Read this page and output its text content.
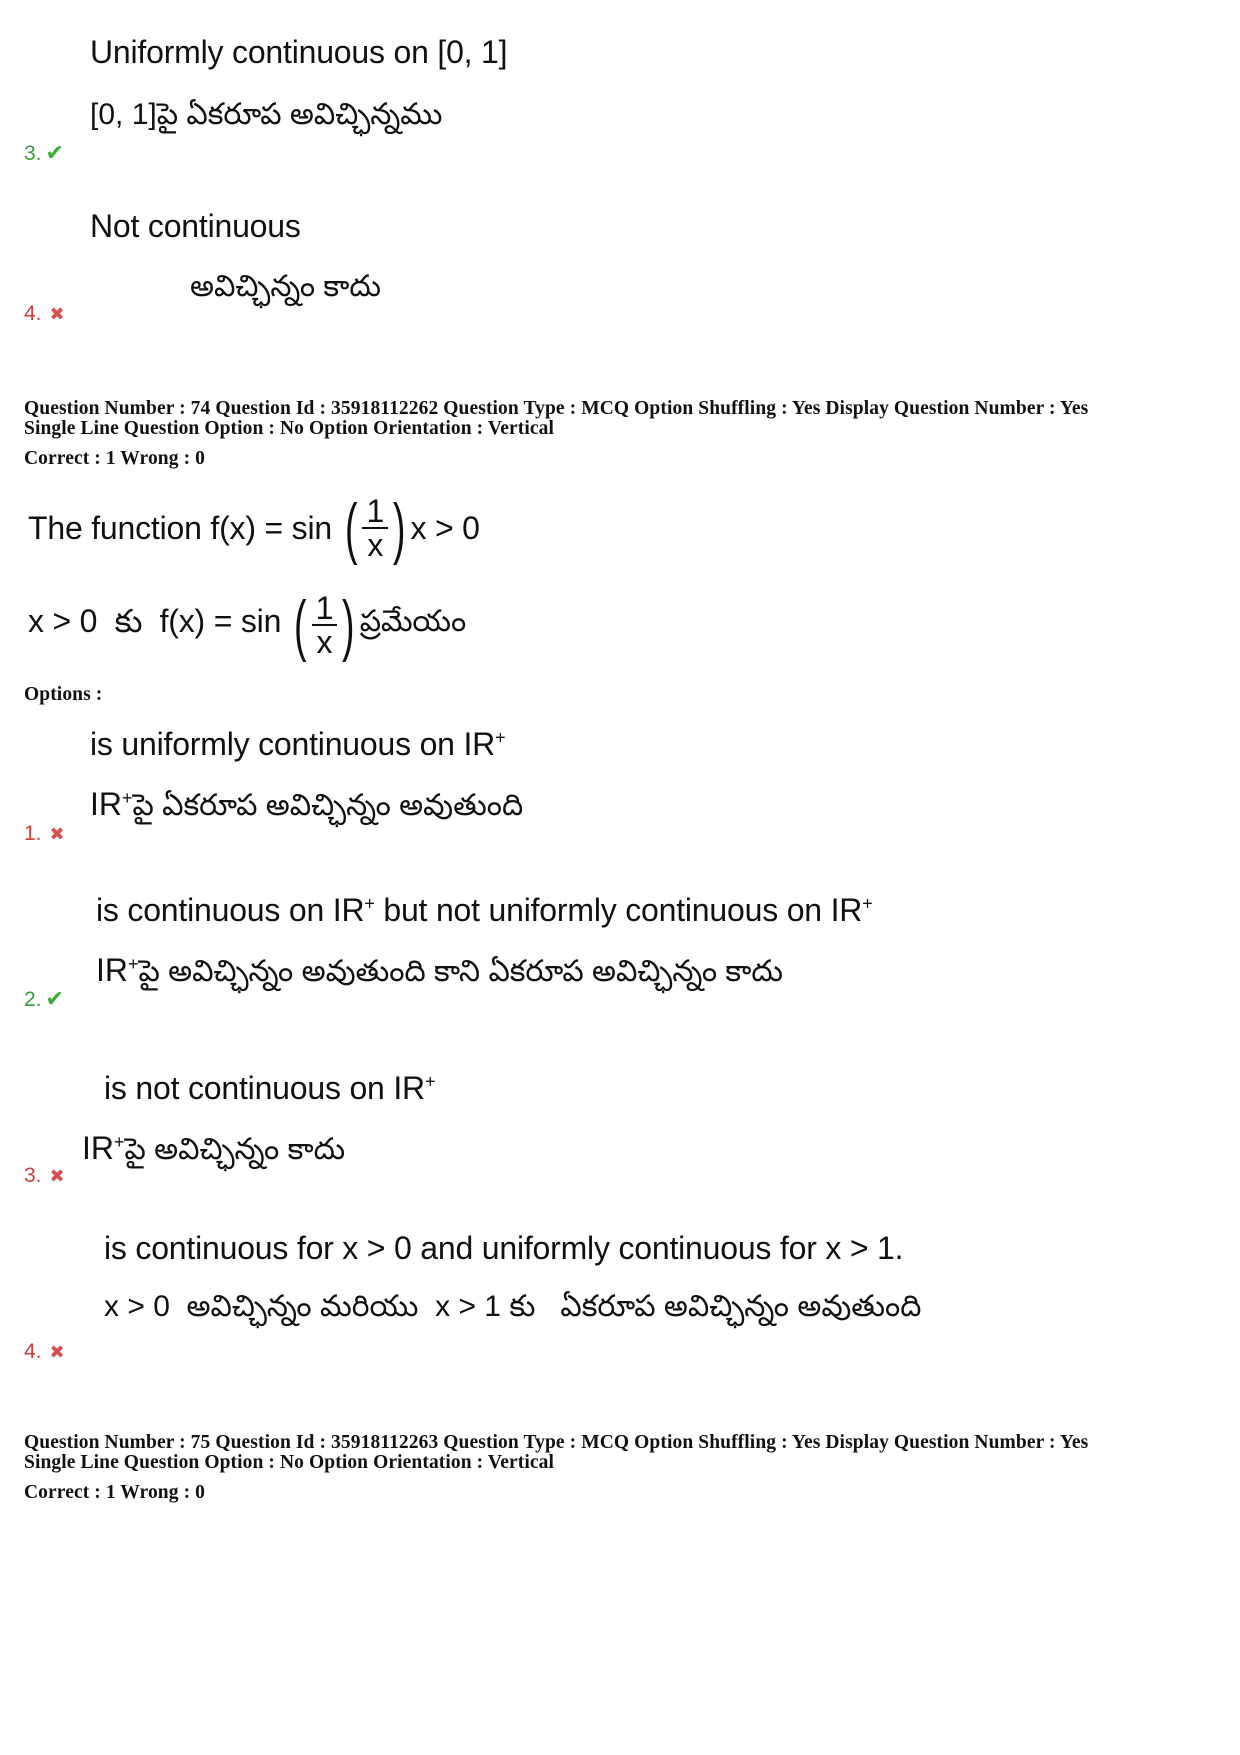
Uniformly continuous on [0, 1]
[0, 1]పై ఏకరూప అవిచ్ఛిన్నము
3. ✔
Not continuous
అవిచ్ఛిన్నం కాదు
4. ✖
Question Number : 74 Question Id : 35918112262 Question Type : MCQ Option Shuffling : Yes Display Question Number : Yes
Single Line Question Option : No Option Orientation : Vertical
Correct : 1 Wrong : 0
The function f(x) = sin ( $\frac{1}{x}$ ) x > 0
x > 0  కు  f(x) = sin ( $\frac{1}{x}$ ) ప్రమేయం
Options :
is uniformly continuous on IR+
IR+పై ఏకరూప అవిచ్ఛిన్నం అవుతుంది
1. ✖
is continuous on IR+ but not uniformly continuous on IR+
IR+పై అవిచ్ఛిన్నం అవుతుంది కాని ఏకరూప అవిచ్ఛిన్నం కాదు
2. ✔
is not continuous on IR+
IR+పై అవిచ్ఛిన్నం కాదు
3. ✖
is continuous for x > 0 and uniformly continuous for x > 1.
x > 0  అవిచ్ఛిన్నం మరియు  x > 1 కు   ఏకరూప అవిచ్ఛిన్నం అవుతుంది
4. ✖
Question Number : 75 Question Id : 35918112263 Question Type : MCQ Option Shuffling : Yes Display Question Number : Yes
Single Line Question Option : No Option Orientation : Vertical
Correct : 1 Wrong : 0
